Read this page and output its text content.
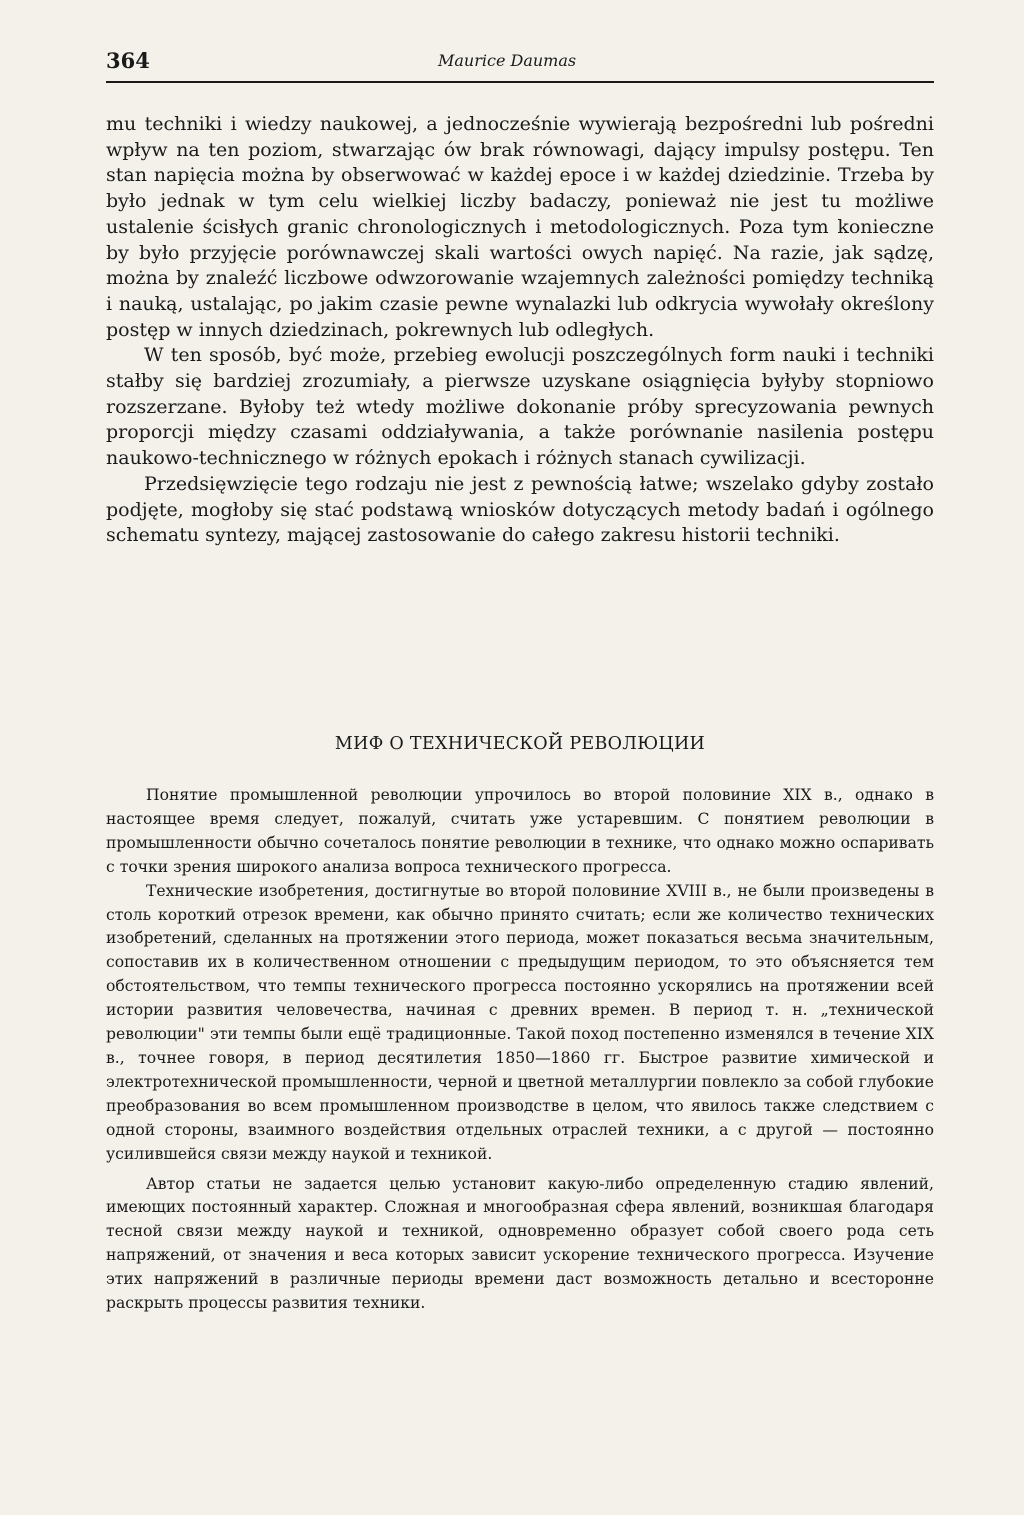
364	Maurice Daumas

mu techniki i wiedzy naukowej, a jednocześnie wywierają bezpośredni lub pośredni wpływ na ten poziom, stwarzając ów brak równowagi, dający impulsy postępu. Ten stan napięcia można by obserwować w każdej epoce i w każdej dziedzinie. Trzeba by było jednak w tym celu wielkiej liczby badaczy, ponieważ nie jest tu możliwe ustalenie ścisłych granic chronologicznych i metodologicznych. Poza tym konieczne by było przyjęcie porównawczej skali wartości owych napięć. Na razie, jak sądzę, można by znaleźć liczbowe odwzorowanie wzajemnych zależności pomiędzy techniką i nauką, ustalając, po jakim czasie pewne wynalazki lub odkrycia wywołały określony postęp w innych dziedzinach, pokrewnych lub odległych.

W ten sposób, być może, przebieg ewolucji poszczególnych form nauki i techniki stałby się bardziej zrozumiały, a pierwsze uzyskane osiągnięcia byłyby stopniowo rozszerzane. Byłoby też wtedy możliwe dokonanie próby sprecyzowania pewnych proporcji między czasami oddziaływania, a także porównanie nasilenia postępu naukowo-technicznego w różnych epokach i różnych stanach cywilizacji.

Przedsięwzięcie tego rodzaju nie jest z pewnością łatwe; wszelako gdyby zostało podjęte, mogłoby się stać podstawą wniosków dotyczących metody badań i ogólnego schematu syntezy, mającej zastosowanie do całego zakresu historii techniki.

МИФ О ТЕХНИЧЕСКОЙ РЕВОЛЮЦИИ

Понятие промышленной революции упрочилось во второй половиние XIX в., однако в настоящее время следует, пожалуй, считать уже устаревшим. С понятием революции в промышленности обычно сочеталось понятие революции в технике, что однако можно оспаривать с точки зрения широкого анализа вопроса технического прогресса.

Технические изобретения, достигнутые во второй половиние XVIII в., не были произведены в столь короткий отрезок времени, как обычно принято считать; если же количество технических изобретений, сделанных на протяжении этого периода, может показаться весьма значительным, сопоставив их в количественном отношении с предыдущим периодом, то это объясняется тем обстоятельством, что темпы технического прогресса постоянно ускорялись на протяжении всей истории развития человечества, начиная с древних времен. В период т. н. „технической революции" эти темпы были ещё традиционные. Такой поход постепенно изменялся в течение XIX в., точнее говоря, в период десятилетия 1850—1860 гг. Быстрое развитие химической и электротехнической промышленности, черной и цветной металлургии повлекло за собой глубокие преобразования во всем промышленном производстве в целом, что явилось также следствием с одной стороны, взаимного воздействия отдельных отраслей техники, а с другой — постоянно усилившейся связи между наукой и техникой.

Автор статьи не задается целью установит какую-либо определенную стадию явлений, имеющих постоянный характер. Сложная и многообразная сфера явлений, возникшая благодаря тесной связи между наукой и техникой, одновременно образует собой своего рода сеть напряжений, от значения и веса которых зависит ускорение технического прогресса. Изучение этих напряжений в различные периоды времени даст возможность детально и всесторонне раскрыть процессы развития техники.
